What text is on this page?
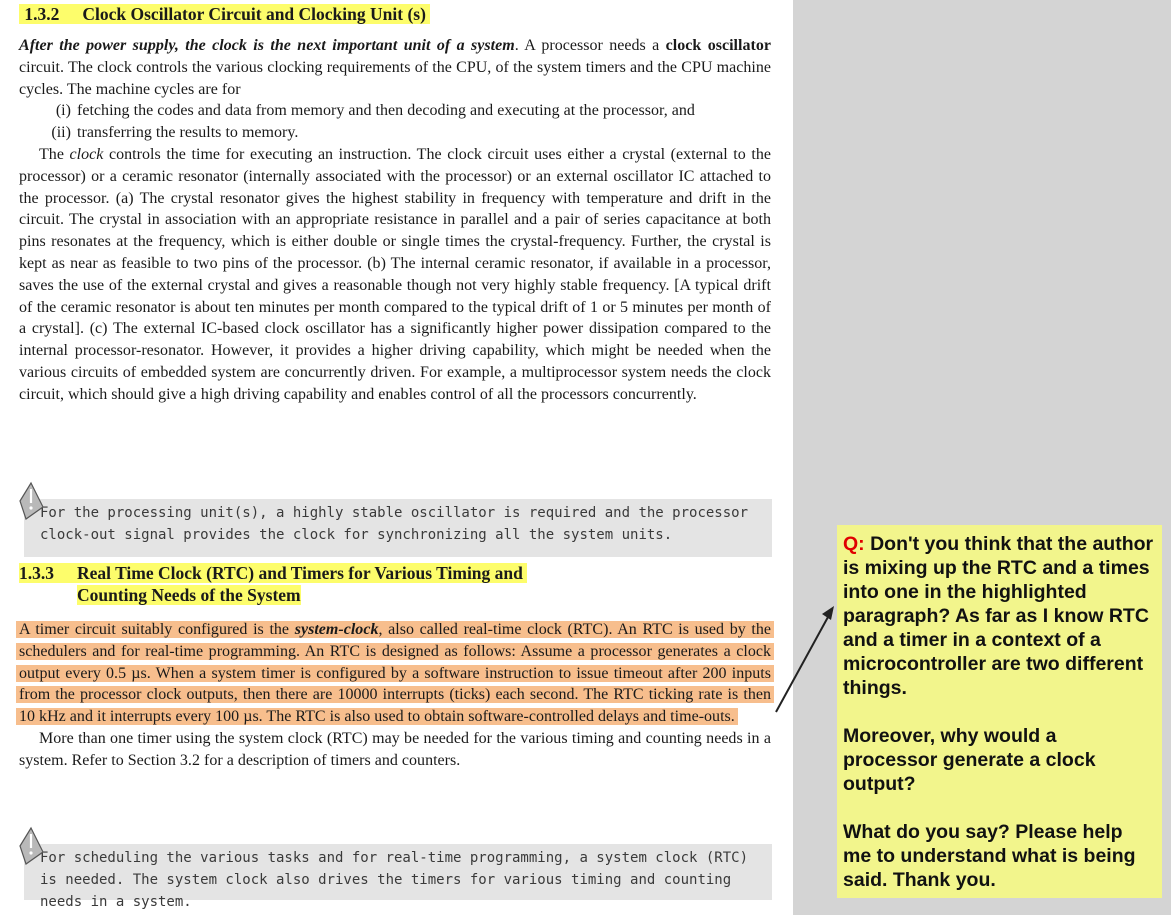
1.3.2 Clock Oscillator Circuit and Clocking Unit (s)

After the power supply, the clock is the next important unit of a system. A processor needs a clock oscillator circuit. The clock controls the various clocking requirements of the CPU, of the system timers and the CPU machine cycles. The machine cycles are for

(i) fetching the codes and data from memory and then decoding and executing at the processor, and
(ii) transferring the results to memory.

The clock controls the time for executing an instruction. The clock circuit uses either a crystal (external to the processor) or a ceramic resonator (internally associated with the processor) or an external oscillator IC attached to the processor. (a) The crystal resonator gives the highest stability in frequency with temperature and drift in the circuit. The crystal in association with an appropriate resistance in parallel and a pair of series capacitance at both pins resonates at the frequency, which is either double or single times the crystal-frequency. Further, the crystal is kept as near as feasible to two pins of the processor. (b) The internal ceramic resonator, if available in a processor, saves the use of the external crystal and gives a reasonable though not very highly stable frequency. [A typical drift of the ceramic resonator is about ten minutes per month compared to the typical drift of 1 or 5 minutes per month of a crystal]. (c) The external IC-based clock oscillator has a significantly higher power dissipation compared to the internal processor-resonator. However, it provides a higher driving capability, which might be needed when the various circuits of embedded system are concurrently driven. For example, a multiprocessor system needs the clock circuit, which should give a high driving capability and enables control of all the processors concurrently.

For the processing unit(s), a highly stable oscillator is required and the processor clock-out signal provides the clock for synchronizing all the system units.
1.3.3 Real Time Clock (RTC) and Timers for Various Timing and
Counting Needs of the System

A timer circuit suitably configured is the system-clock, also called real-time clock (RTC). An RTC is used by the schedulers and for real-time programming. An RTC is designed as follows: Assume a processor generates a clock output every 0.5 µs. When a system timer is configured by a software instruction to issue timeout after 200 inputs from the processor clock outputs, then there are 10000 interrupts (ticks) each second. The RTC ticking rate is then 10 kHz and it interrupts every 100 µs. The RTC is also used to obtain software-controlled delays and time-outs.

More than one timer using the system clock (RTC) may be needed for the various timing and counting needs in a system. Refer to Section 3.2 for a description of timers and counters.

For scheduling the various tasks and for real-time programming, a system clock (RTC) is needed. The system clock also drives the timers for various timing and counting needs in a system.

Q: Don't you think that the author is mixing up the RTC and a times into one in the highlighted paragraph? As far as I know RTC and a timer in a context of a microcontroller are two different things.

Moreover, why would a processor generate a clock output?

What do you say? Please help me to understand what is being said. Thank you.
